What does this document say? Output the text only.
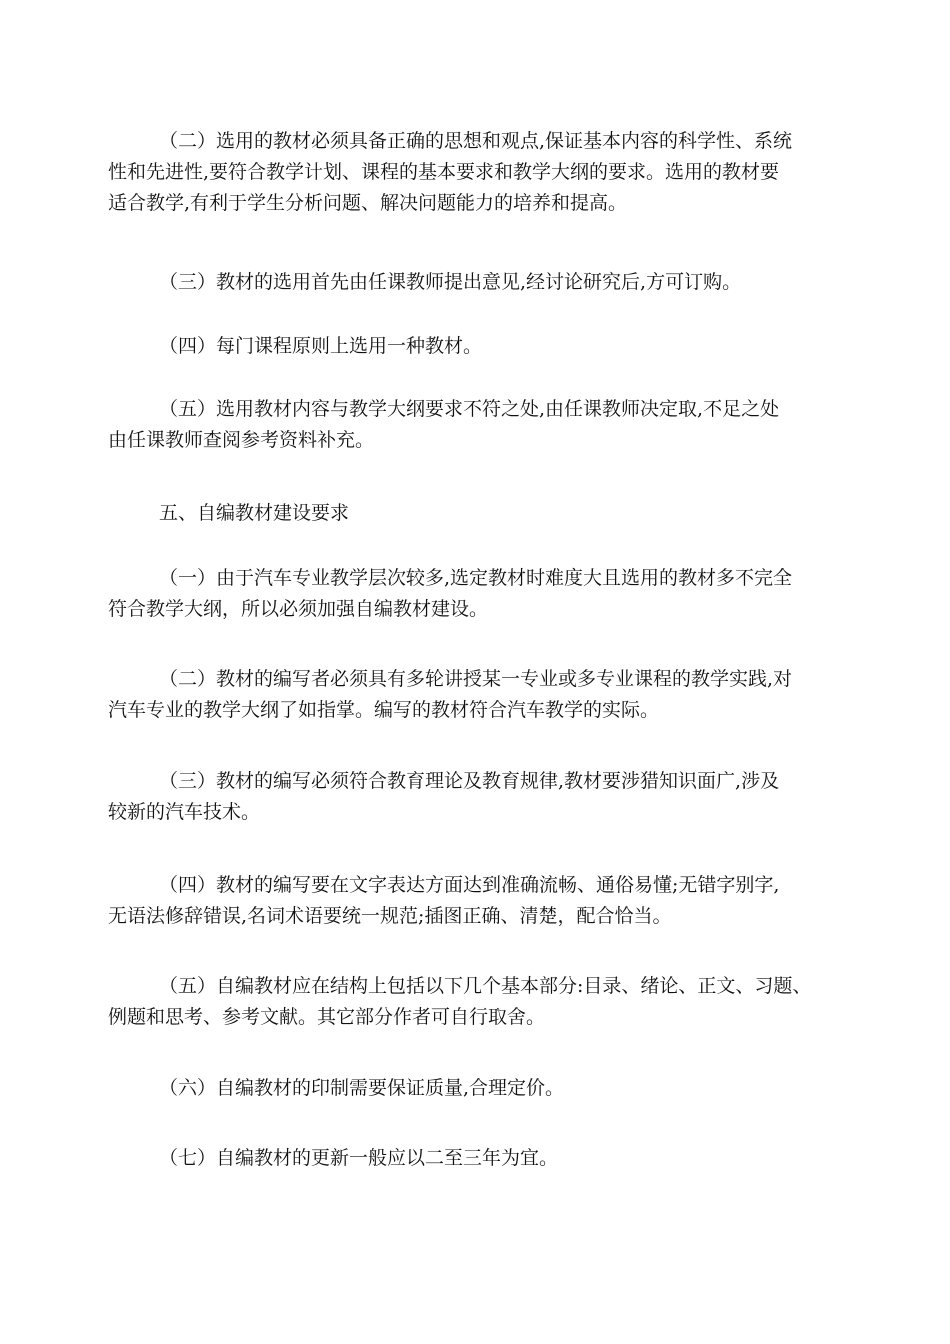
（二）选用的教材必须具备正确的思想和观点,保证基本内容的科学性、系统
性和先进性,要符合教学计划、课程的基本要求和教学大纲的要求。选用的教材要
适合教学,有利于学生分析问题、解决问题能力的培养和提高。

（三）教材的选用首先由任课教师提出意见,经讨论研究后,方可订购。

（四）每门课程原则上选用一种教材。

（五）选用教材内容与教学大纲要求不符之处,由任课教师决定取,不足之处
由任课教师查阅参考资料补充。

五、自编教材建设要求

（一）由于汽车专业教学层次较多,选定教材时难度大且选用的教材多不完全
符合教学大纲，所以必须加强自编教材建设。

（二）教材的编写者必须具有多轮讲授某一专业或多专业课程的教学实践,对
汽车专业的教学大纲了如指掌。编写的教材符合汽车教学的实际。

（三）教材的编写必须符合教育理论及教育规律,教材要涉猎知识面广,涉及
较新的汽车技术。

（四）教材的编写要在文字表达方面达到准确流畅、通俗易懂;无错字别字,
无语法修辞错误,名词术语要统一规范;插图正确、清楚，配合恰当。

（五）自编教材应在结构上包括以下几个基本部分:目录、绪论、正文、习题、
例题和思考、参考文献。其它部分作者可自行取舍。

（六）自编教材的印制需要保证质量,合理定价。

（七）自编教材的更新一般应以二至三年为宜。
